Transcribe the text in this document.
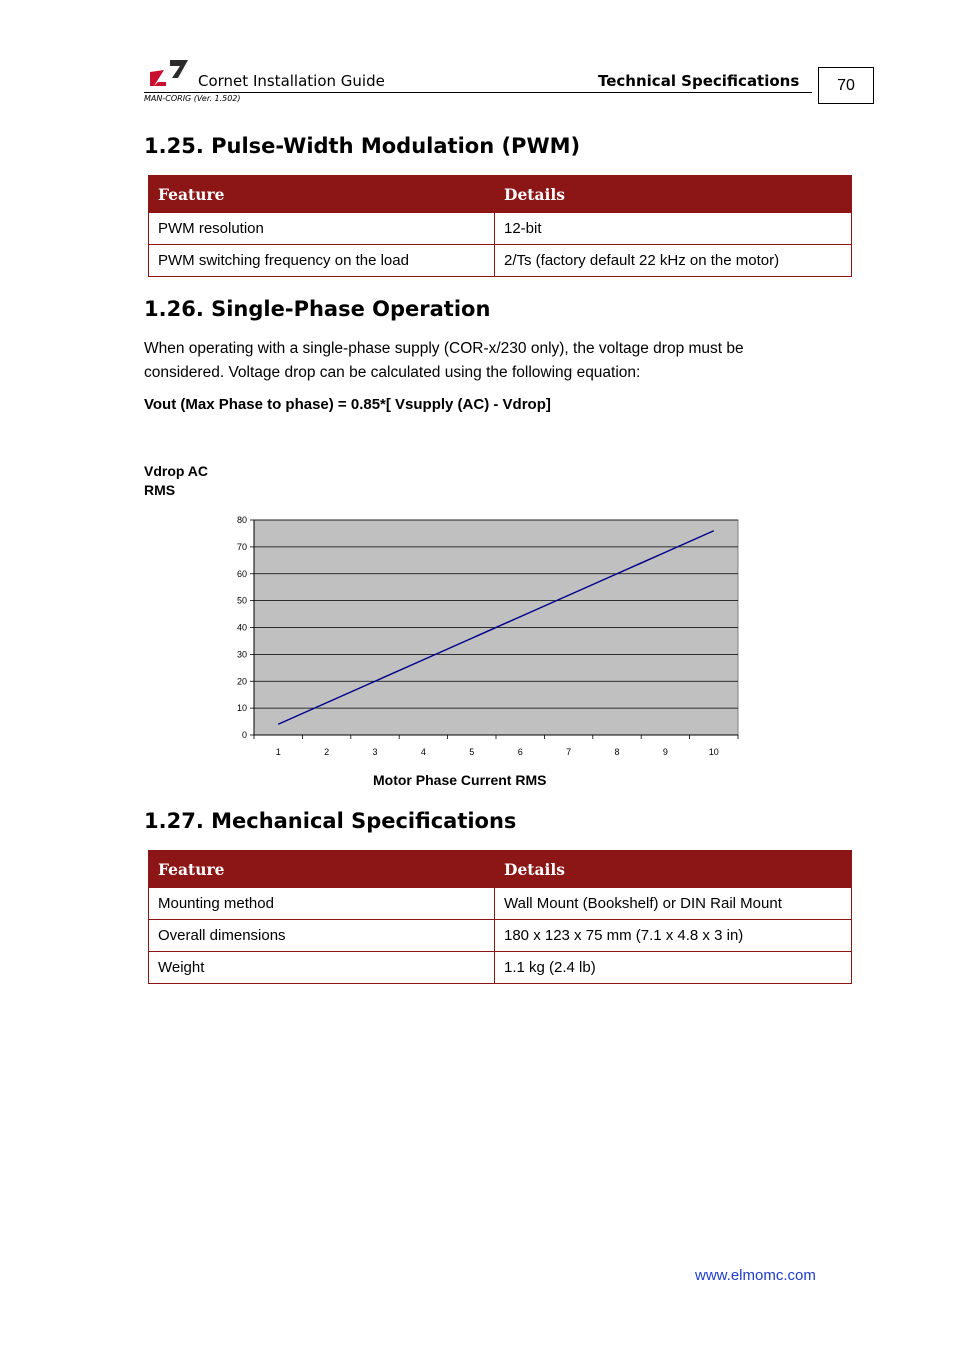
Cornet Installation Guide	Technical Specifications
MAN-CORIG (Ver. 1.502)
70
1.25. Pulse-Width Modulation (PWM)
Feature	Details
PWM resolution	12-bit
PWM switching frequency on the load	2/Ts (factory default 22 kHz on the motor)
1.26. Single-Phase Operation
When operating with a single-phase supply (COR-x/230 only), the voltage drop must be considered. Voltage drop can be calculated using the following equation:
Vout (Max Phase to phase) = 0.85*[ Vsupply (AC) - Vdrop]
Vdrop AC RMS
0
10
20
30
40
50
60
70
80
1	2	3	4	5	6	7	8	9	10
Motor Phase Current RMS
1.27. Mechanical Specifications
Feature	Details
Mounting method	Wall Mount (Bookshelf) or DIN Rail Mount
Overall dimensions	180 x 123 x 75 mm (7.1 x 4.8 x 3 in)
Weight	1.1 kg (2.4 lb)
www.elmomc.com
